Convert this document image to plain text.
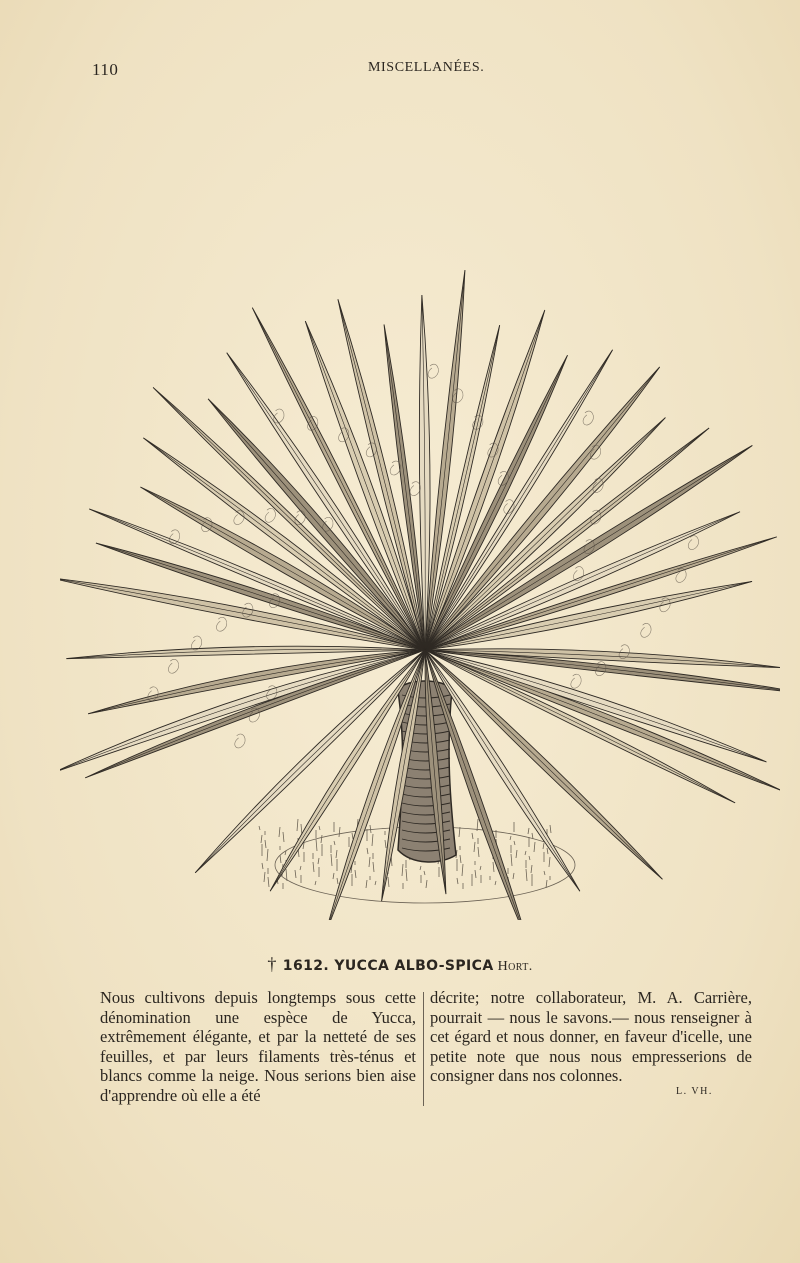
110	MISCELLANÉES.
† 1612. YUCCA ALBO-SPICA Hort.
Nous cultivons depuis longtemps sous cette dénomination une espèce de Yucca, extrêmement élégante, et par la netteté de ses feuilles, et par leurs filaments très-ténus et blancs comme la neige. Nous serions bien aise d'apprendre où elle a été
décrite; notre collaborateur, M. A. Carrière, pourrait — nous le savons.— nous renseigner à cet égard et nous donner, en faveur d'icelle, une petite note que nous nous empresserions de consigner dans nos colonnes.
L. VH.
